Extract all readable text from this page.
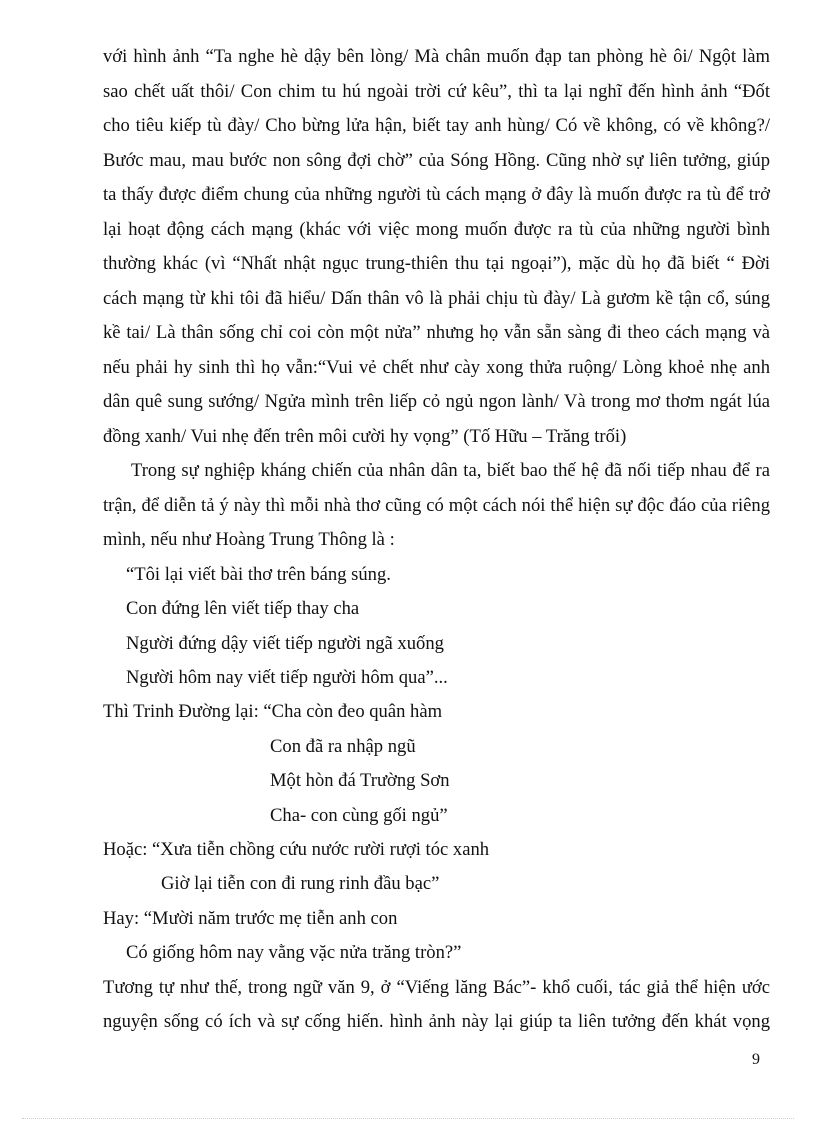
với hình ảnh “Ta nghe hè dậy bên lòng/ Mà chân muốn đạp tan phòng hè ôi/ Ngột làm
sao chết uất thôi/ Con chim tu hú ngoài trời cứ kêu”, thì ta lại nghĩ đến hình ảnh “Đốt
cho tiêu kiếp tù đày/ Cho bừng lửa hận, biết tay anh hùng/ Có về không, có về không?/
Bước mau, mau bước non sông đợi chờ” của Sóng Hồng. Cũng nhờ sự liên tưởng, giúp
ta thấy được điểm chung của những người tù cách mạng ở đây là muốn được ra tù để trở
lại hoạt động cách mạng (khác với việc mong muốn được ra tù của những người bình
thường khác (vì “Nhất nhật ngục trung-thiên thu tại ngoại”), mặc dù họ đã biết “ Đời
cách mạng từ khi tôi đã hiểu/ Dấn thân vô là phải chịu tù đày/ Là gươm kề tận cổ, súng
kề tai/ Là thân sống chỉ coi còn một nửa” nhưng họ vẫn sẵn sàng đi theo cách mạng và
nếu phải hy sinh thì họ vẫn:“Vui vẻ chết như cày xong thửa ruộng/ Lòng khoẻ nhẹ anh
dân quê sung sướng/ Ngửa mình trên liếp cỏ ngủ ngon lành/ Và trong mơ thơm ngát lúa
đồng xanh/ Vui nhẹ đến trên môi cười hy vọng” (Tố Hữu – Trăng trối)
Trong sự nghiệp kháng chiến của nhân dân ta, biết bao thế hệ đã nối tiếp nhau để ra
trận, để diễn tả ý này thì mỗi nhà thơ cũng có một cách nói thể hiện sự độc đáo của riêng
mình, nếu như Hoàng Trung Thông là :
“Tôi lại viết bài thơ trên báng súng.
Con đứng lên viết tiếp thay cha
Người đứng dậy viết tiếp người ngã xuống
Người hôm nay viết tiếp người hôm qua”...
Thì Trinh Đường lại: “Cha còn đeo quân hàm
Con đã ra nhập ngũ
Một hòn đá Trường Sơn
Cha- con cùng gối ngủ”
Hoặc: “Xưa tiễn chồng cứu nước rười rượi tóc xanh
Giờ lại tiễn con đi rung rinh đầu bạc”
Hay: “Mười năm trước mẹ tiễn anh con
Có giống hôm nay vằng vặc nửa trăng tròn?”
Tương tự như thế, trong ngữ văn 9, ở “Viếng lăng Bác”- khổ cuối, tác giả thể hiện ước
nguyện sống có ích và sự cống hiến. hình ảnh này lại giúp ta liên tưởng đến khát vọng
9
